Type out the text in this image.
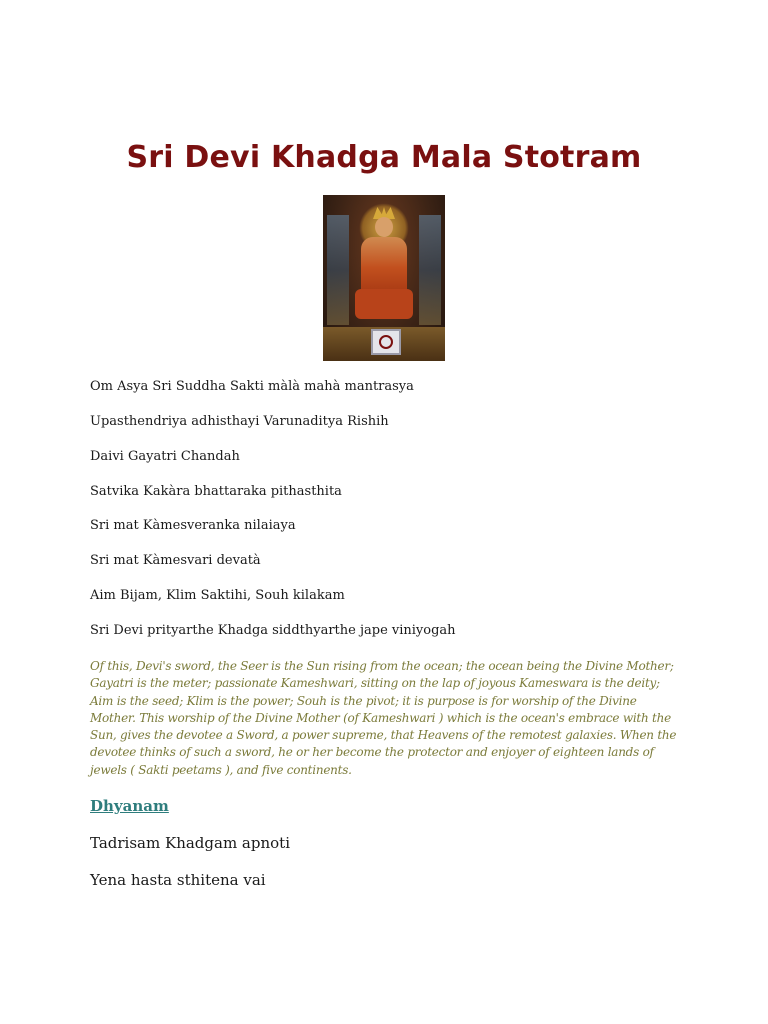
Sri Devi Khadga Mala Stotram

Om Asya Sri Suddha Sakti màlà mahà mantrasya

Upasthendriya adhisthayi Varunaditya Rishih

Daivi Gayatri Chandah

Satvika Kakàra bhattaraka pithasthita

Sri mat Kàmesveranka nilaiaya

Sri mat Kàmesvari devatà

Aim Bijam, Klim Saktihi, Souh kilakam

Sri Devi prityarthe Khadga siddthyarthe jape viniyogah

Of this, Devi's sword, the Seer is the Sun rising from the ocean; the ocean being the Divine Mother; Gayatri is the meter; passionate Kameshwari, sitting on the lap of joyous Kameswara is the deity; Aim is the seed; Klim is the power; Souh is the pivot; it is purpose is for worship of the Divine Mother. This worship of the Divine Mother (of Kameshwari ) which is the ocean's embrace with the Sun, gives the devotee a Sword, a power supreme, that Heavens of the remotest galaxies. When the devotee thinks of such a sword, he or her become the protector and enjoyer of eighteen lands of jewels ( Sakti peetams ), and five continents.

Dhyanam

Tadrisam Khadgam apnoti

Yena hasta sthitena vai
